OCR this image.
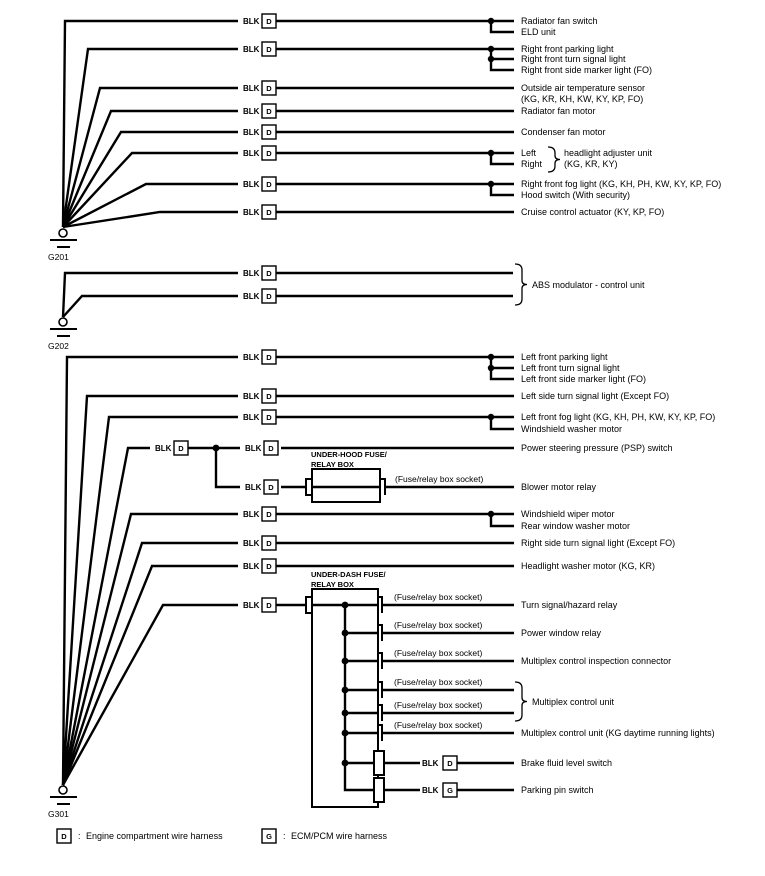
BLK D
BLK D
BLK D
BLK D
BLK D
BLK D
BLK D
BLK D
Radiator fan switch
ELD unit
Right front parking light
Right front turn signal light
Right front side marker light (FO)
Outside air temperature sensor
(KG, KR, KH, KW, KY, KP, FO)
Radiator fan motor
Condenser fan motor
Left
Right
headlight adjuster unit
(KG, KR, KY)
Right front fog light (KG, KH, PH, KW, KY, KP, FO)
Hood switch (With security)
Cruise control actuator (KY, KP, FO)
G201
BLK D
BLK D
ABS modulator - control unit
G202
BLK D
BLK D
BLK D
BLK D	BLK D
BLK D
BLK D
BLK D
BLK D
BLK D
UNDER-HOOD FUSE/
RELAY BOX
(Fuse/relay box socket)
UNDER-DASH FUSE/
RELAY BOX
(Fuse/relay box socket)
(Fuse/relay box socket)
(Fuse/relay box socket)
(Fuse/relay box socket)
(Fuse/relay box socket)
(Fuse/relay box socket)
BLK D
BLK G
Left front parking light
Left front turn signal light
Left front side marker light (FO)
Left side turn signal light (Except FO)
Left front fog light (KG, KH, PH, KW, KY, KP, FO)
Windshield washer motor
Power steering pressure (PSP) switch
Blower motor relay
Windshield wiper motor
Rear window washer motor
Right side turn signal light (Except FO)
Headlight washer motor (KG, KR)
Turn signal/hazard relay
Power window relay
Multiplex control inspection connector
Multiplex control unit
Multiplex control unit (KG daytime running lights)
Brake fluid level switch
Parking pin switch
G301
D : Engine compartment wire harness	G : ECM/PCM wire harness
